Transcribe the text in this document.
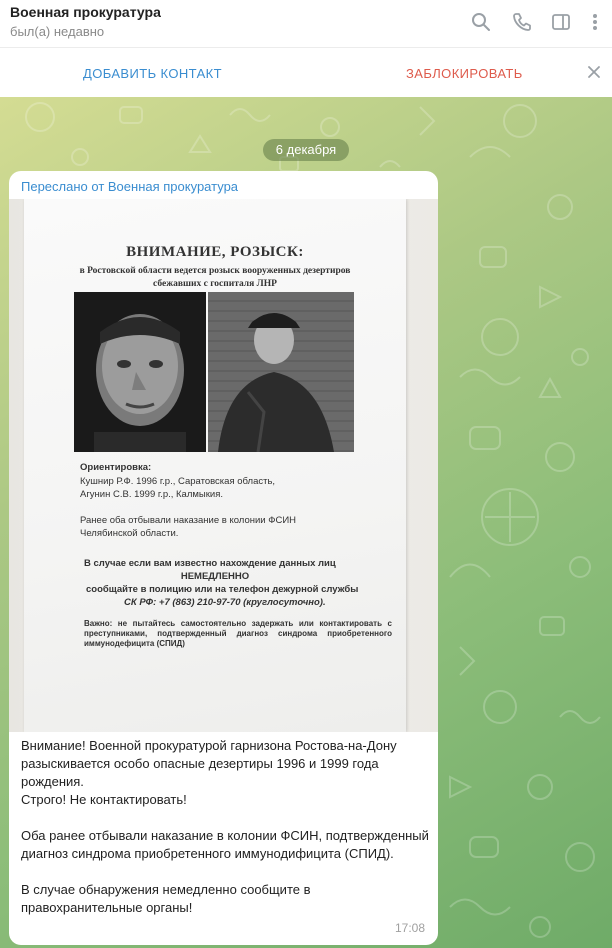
Военная прокуратура
был(а) недавно
ДОБАВИТЬ КОНТАКТ	ЗАБЛОКИРОВАТЬ
6 декабря
Переслано от Военная прокуратура
ВНИМАНИЕ, РОЗЫСК:
в Ростовской области ведется розыск вооруженных дезертиров сбежавших с госпиталя ЛНР
Ориентировка:
Кушнир Р.Ф. 1996 г.р., Саратовская область,
Агунин С.В. 1999 г.р., Калмыкия.
Ранее оба отбывали наказание в колонии ФСИН Челябинской области.
В случае если вам известно нахождение данных лиц
НЕМЕДЛЕННО
сообщайте в полицию или на телефон дежурной службы
СК РФ: +7 (863) 210-97-70 (круглосуточно).
Важно: не пытайтесь самостоятельно задержать или контактировать с преступниками, подтвержденный диагноз синдрома приобретенного иммунодефицита (СПИД)
Внимание! Военной прокуратурой гарнизона Ростова-на-Дону разыскивается особо опасные дезертиры 1996 и 1999 года рождения.
Строго! Не контактировать!

Оба ранее отбывали наказание в колонии ФСИН, подтвержденный диагноз синдрома приобретенного иммунодифицита (СПИД).

В случае обнаружения немедленно сообщите в правохранительные органы!
17:08
